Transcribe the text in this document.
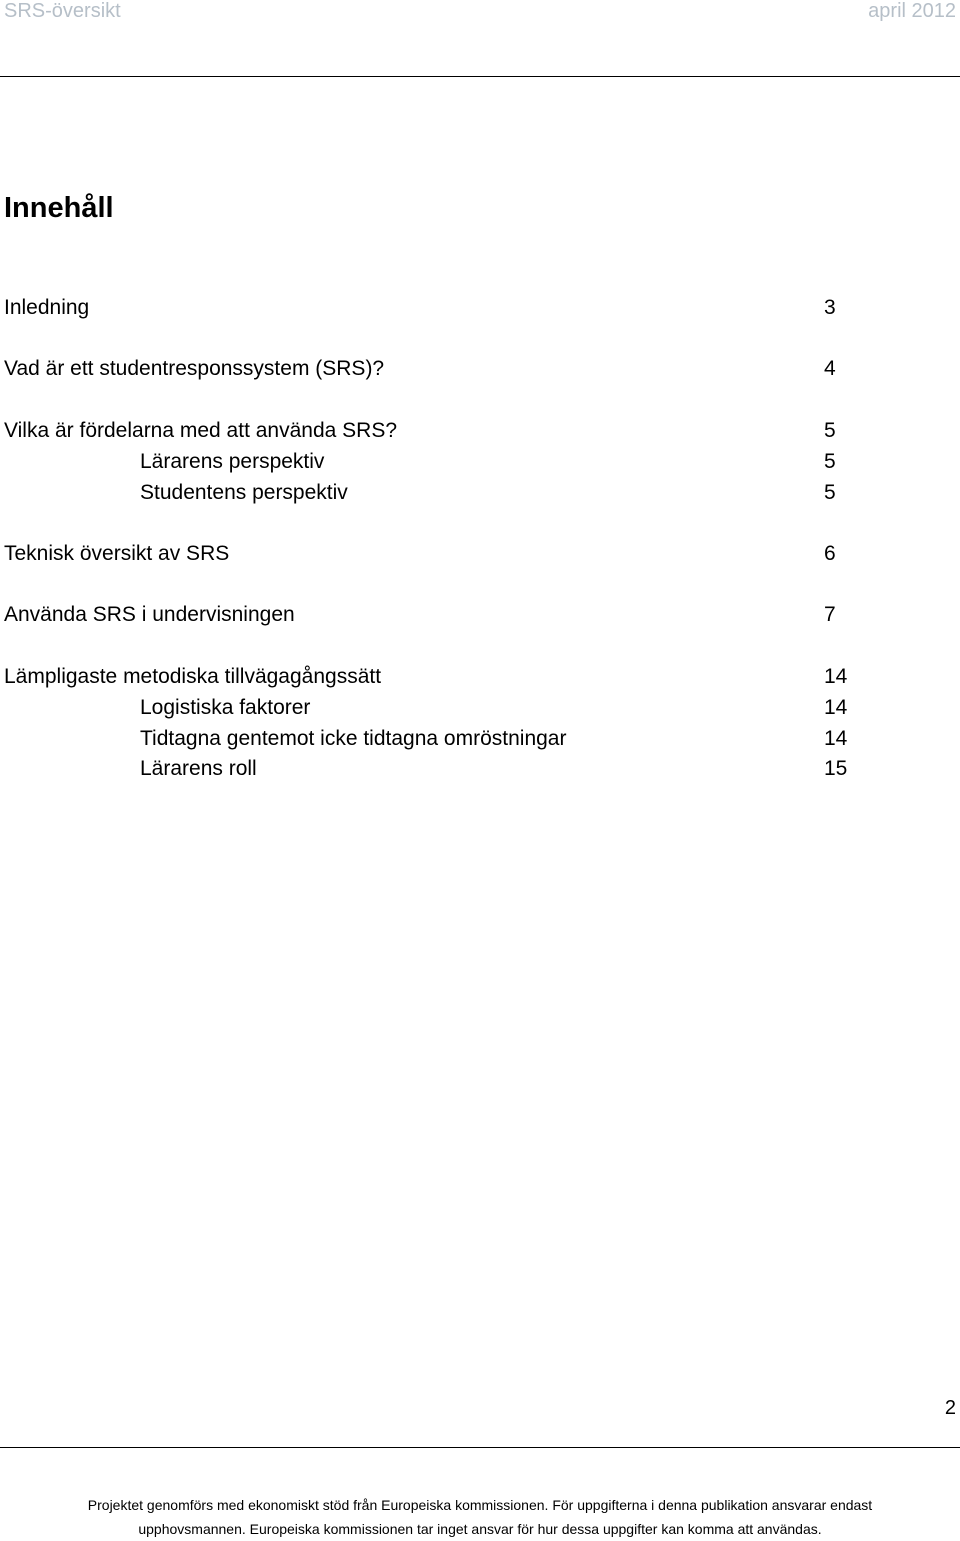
SRS-översikt	april 2012
Innehåll
Inledning	3
Vad är ett studentresponssystem (SRS)?	4
Vilka är fördelarna med att använda SRS?	5
Lärarens perspektiv	5
Studentens perspektiv	5
Teknisk översikt av SRS	6
Använda SRS i undervisningen	7
Lämpligaste metodiska tillvägagångssätt	14
Logistiska faktorer	14
Tidtagna gentemot icke tidtagna omröstningar	14
Lärarens roll	15
2
Projektet genomförs med ekonomiskt stöd från Europeiska kommissionen. För uppgifterna i denna publikation ansvarar endast
upphovsmannen. Europeiska kommissionen tar inget ansvar för hur dessa uppgifter kan komma att användas.
